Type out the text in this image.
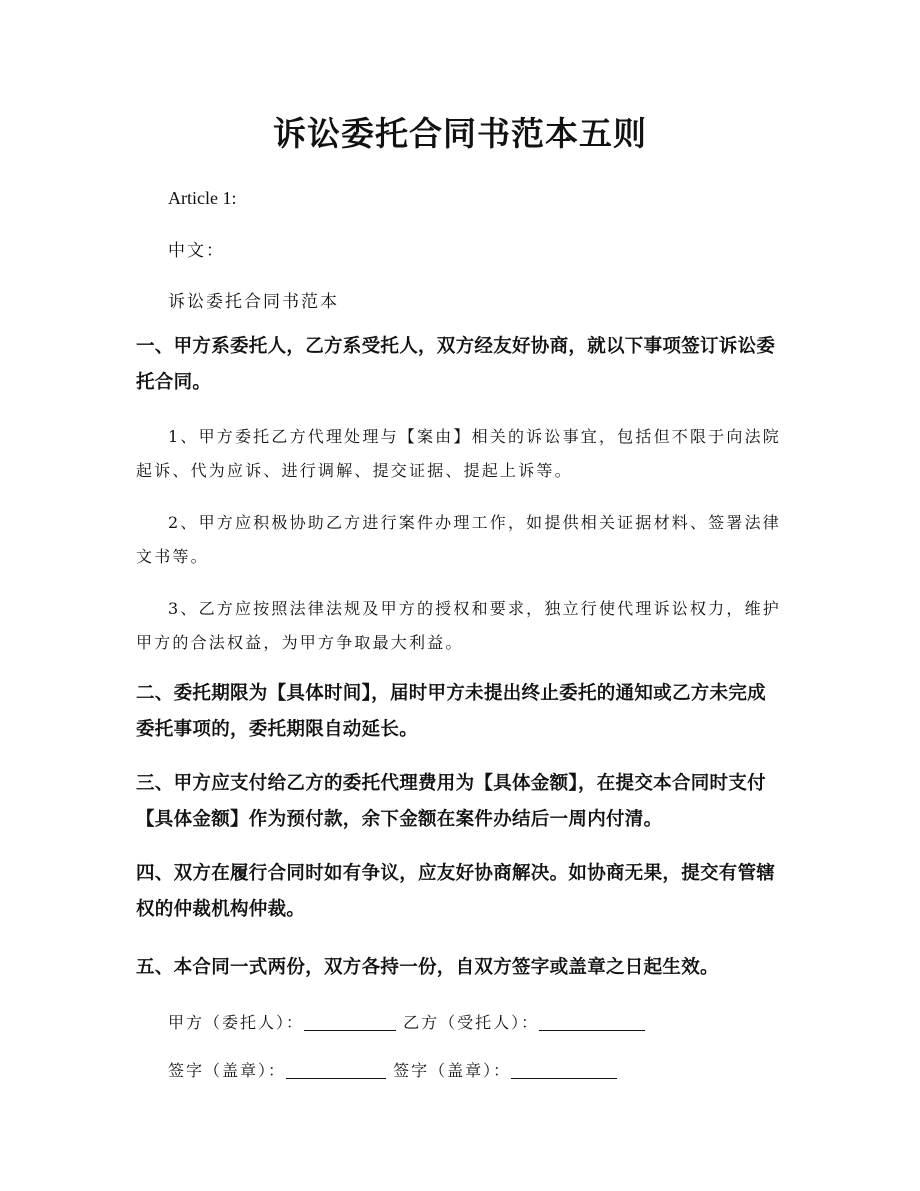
诉讼委托合同书范本五则
Article 1:
中文：
诉讼委托合同书范本
一、甲方系委托人，乙方系受托人，双方经友好协商，就以下事项签订诉讼委托合同。
1、甲方委托乙方代理处理与【案由】相关的诉讼事宜，包括但不限于向法院起诉、代为应诉、进行调解、提交证据、提起上诉等。
2、甲方应积极协助乙方进行案件办理工作，如提供相关证据材料、签署法律文书等。
3、乙方应按照法律法规及甲方的授权和要求，独立行使代理诉讼权力，维护甲方的合法权益，为甲方争取最大利益。
二、委托期限为【具体时间】，届时甲方未提出终止委托的通知或乙方未完成委托事项的，委托期限自动延长。
三、甲方应支付给乙方的委托代理费用为【具体金额】，在提交本合同时支付【具体金额】作为预付款，余下金额在案件办结后一周内付清。
四、双方在履行合同时如有争议，应友好协商解决。如协商无果，提交有管辖权的仲裁机构仲裁。
五、本合同一式两份，双方各持一份，自双方签字或盖章之日起生效。
甲方（委托人）：	乙方（受托人）：
签字（盖章）：	签字（盖章）：
